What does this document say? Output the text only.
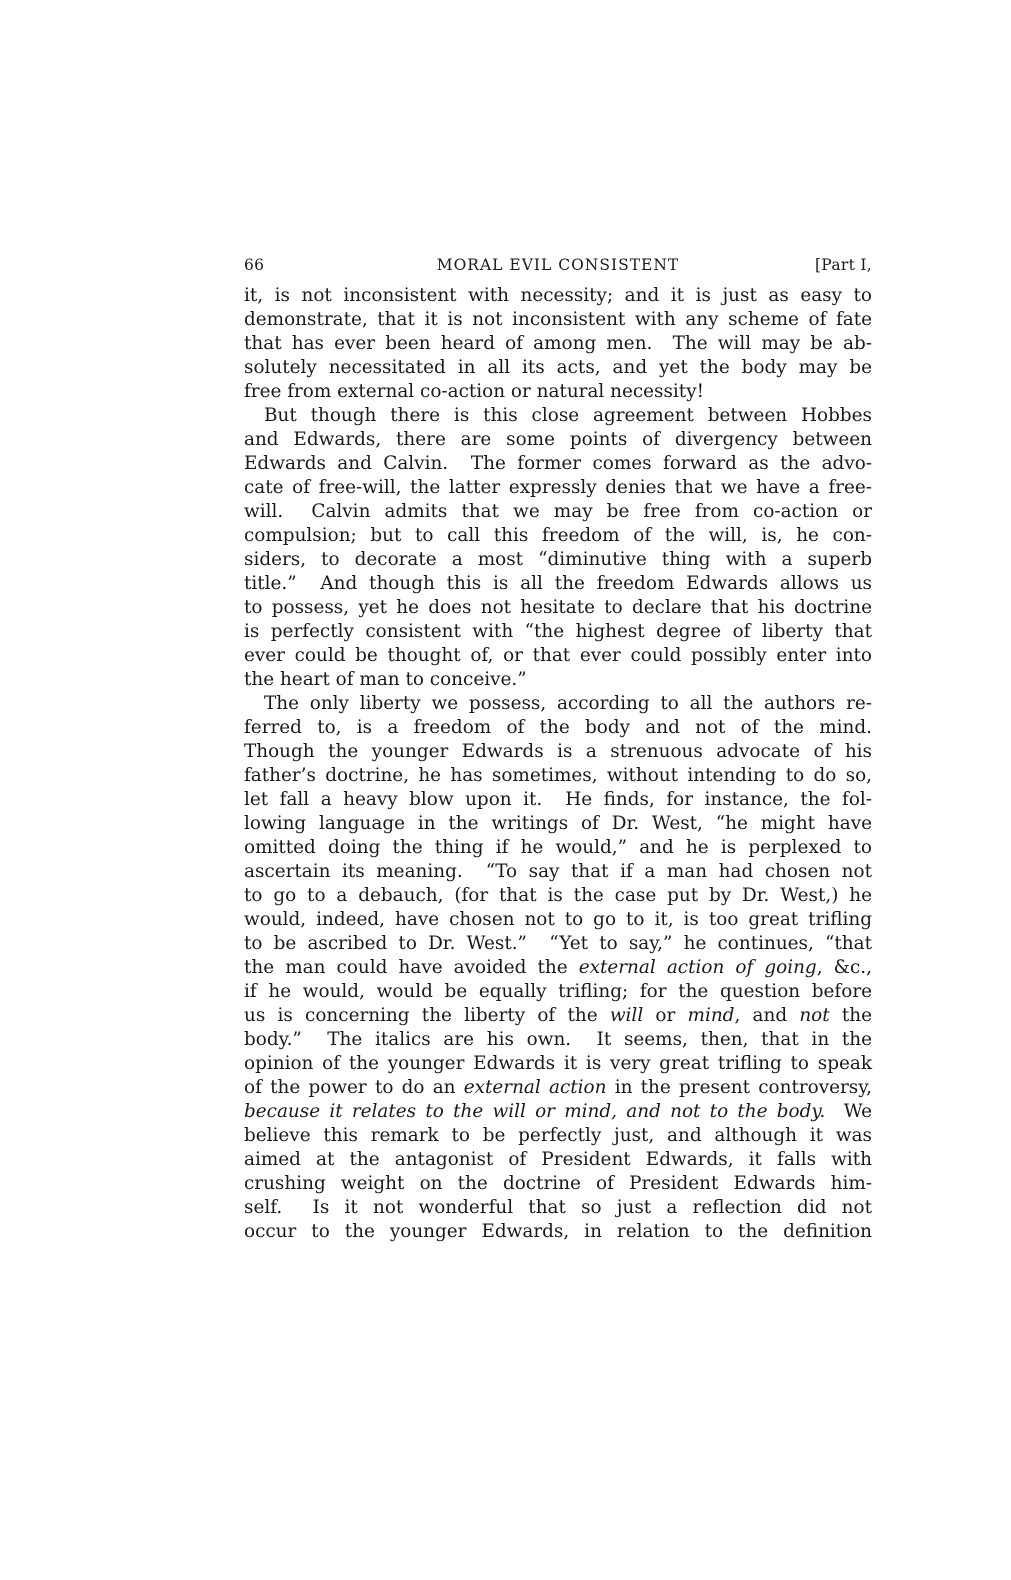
66	MORAL EVIL CONSISTENT	[Part I,
it, is not inconsistent with necessity; and it is just as easy to
demonstrate, that it is not inconsistent with any scheme of fate
that has ever been heard of among men.  The will may be ab-
solutely necessitated in all its acts, and yet the body may be
free from external co-action or natural necessity!
But though there is this close agreement between Hobbes
and Edwards, there are some points of divergency between
Edwards and Calvin.  The former comes forward as the advo-
cate of free-will, the latter expressly denies that we have a free-
will.  Calvin admits that we may be free from co-action or
compulsion; but to call this freedom of the will, is, he con-
siders, to decorate a most “diminutive thing with a superb
title.”  And though this is all the freedom Edwards allows us
to possess, yet he does not hesitate to declare that his doctrine
is perfectly consistent with “the highest degree of liberty that
ever could be thought of, or that ever could possibly enter into
the heart of man to conceive.”
The only liberty we possess, according to all the authors re-
ferred to, is a freedom of the body and not of the mind.
Though the younger Edwards is a strenuous advocate of his
father’s doctrine, he has sometimes, without intending to do so,
let fall a heavy blow upon it.  He finds, for instance, the fol-
lowing language in the writings of Dr. West, “he might have
omitted doing the thing if he would,” and he is perplexed to
ascertain its meaning.  “To say that if a man had chosen not
to go to a debauch, (for that is the case put by Dr. West,) he
would, indeed, have chosen not to go to it, is too great trifling
to be ascribed to Dr. West.”  “Yet to say,” he continues, “that
the man could have avoided the external action of going, &c.,
if he would, would be equally trifling; for the question before
us is concerning the liberty of the will or mind, and not the
body.”  The italics are his own.  It seems, then, that in the
opinion of the younger Edwards it is very great trifling to speak
of the power to do an external action in the present controversy,
because it relates to the will or mind, and not to the body.  We
believe this remark to be perfectly just, and although it was
aimed at the antagonist of President Edwards, it falls with
crushing weight on the doctrine of President Edwards him-
self.  Is it not wonderful that so just a reflection did not
occur to the younger Edwards, in relation to the definition
